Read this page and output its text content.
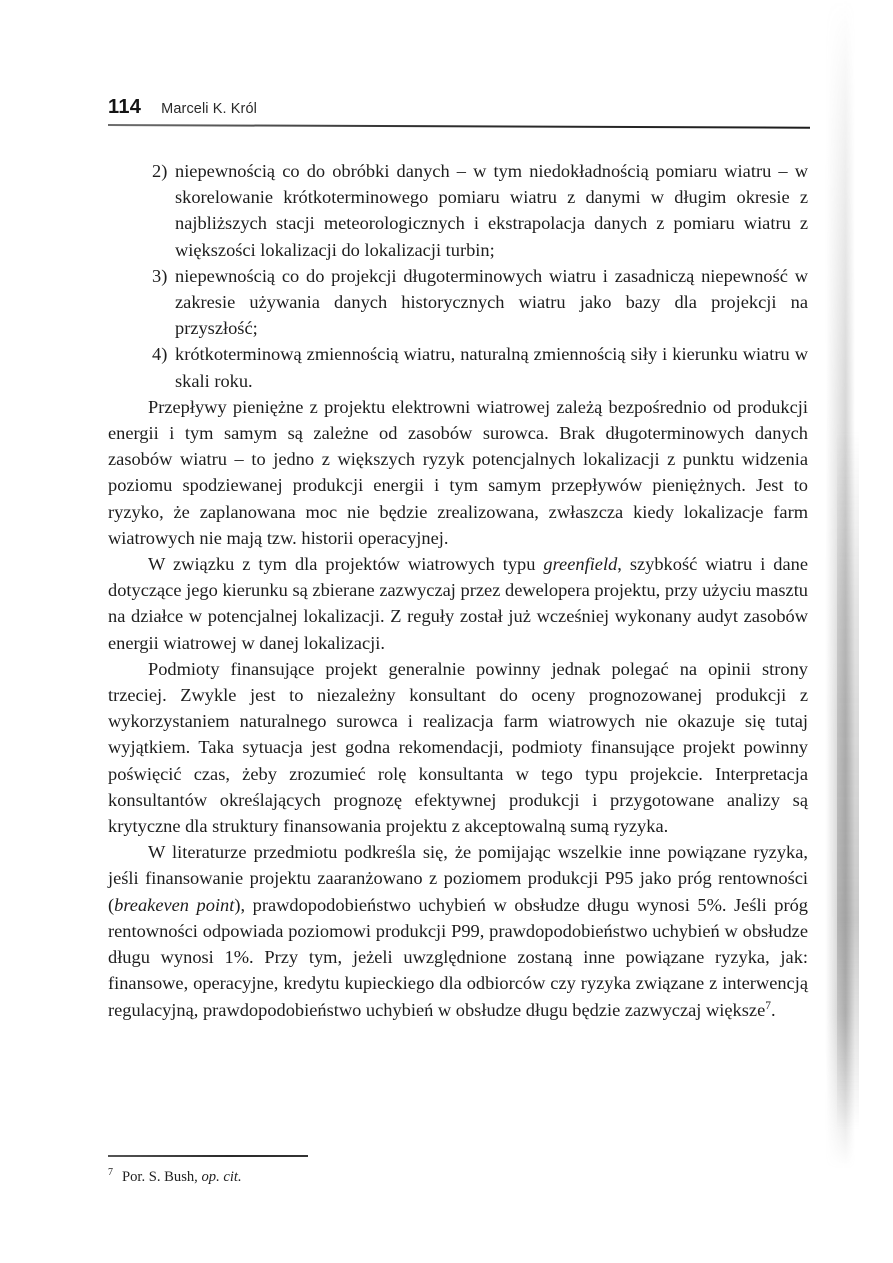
114 Marceli K. Król
2) niepewnością co do obróbki danych – w tym niedokładnością pomiaru wiatru – w skorelowanie krótkoterminowego pomiaru wiatru z danymi w długim okresie z najbliższych stacji meteorologicznych i ekstrapolacja danych z pomiaru wiatru z większości lokalizacji do lokalizacji turbin;
3) niepewnością co do projekcji długoterminowych wiatru i zasadniczą niepewność w zakresie używania danych historycznych wiatru jako bazy dla projekcji na przyszłość;
4) krótkoterminową zmiennością wiatru, naturalną zmiennością siły i kierunku wiatru w skali roku.

Przepływy pieniężne z projektu elektrowni wiatrowej zależą bezpośrednio od produkcji energii i tym samym są zależne od zasobów surowca. Brak długoterminowych danych zasobów wiatru – to jedno z większych ryzyk potencjalnych lokalizacji z punktu widzenia poziomu spodziewanej produkcji energii i tym samym przepływów pieniężnych. Jest to ryzyko, że zaplanowana moc nie będzie zrealizowana, zwłaszcza kiedy lokalizacje farm wiatrowych nie mają tzw. historii operacyjnej.

W związku z tym dla projektów wiatrowych typu greenfield, szybkość wiatru i dane dotyczące jego kierunku są zbierane zazwyczaj przez dewelopera projektu, przy użyciu masztu na działce w potencjalnej lokalizacji. Z reguły został już wcześniej wykonany audyt zasobów energii wiatrowej w danej lokalizacji.

Podmioty finansujące projekt generalnie powinny jednak polegać na opinii strony trzeciej. Zwykle jest to niezależny konsultant do oceny prognozowanej produkcji z wykorzystaniem naturalnego surowca i realizacja farm wiatrowych nie okazuje się tutaj wyjątkiem. Taka sytuacja jest godna rekomendacji, podmioty finansujące projekt powinny poświęcić czas, żeby zrozumieć rolę konsultanta w tego typu projekcie. Interpretacja konsultantów określających prognozę efektywnej produkcji i przygotowane analizy są krytyczne dla struktury finansowania projektu z akceptowalną sumą ryzyka.

W literaturze przedmiotu podkreśla się, że pomijając wszelkie inne powiązane ryzyka, jeśli finansowanie projektu zaaranżowano z poziomem produkcji P95 jako próg rentowności (breakeven point), prawdopodobieństwo uchybień w obsłudze długu wynosi 5%. Jeśli próg rentowności odpowiada poziomowi produkcji P99, prawdopodobieństwo uchybień w obsłudze długu wynosi 1%. Przy tym, jeżeli uwzględnione zostaną inne powiązane ryzyka, jak: finansowe, operacyjne, kredytu kupieckiego dla odbiorców czy ryzyka związane z interwencją regulacyjną, prawdopodobieństwo uchybień w obsłudze długu będzie zazwyczaj większe$^7$.

$^7$ Por. S. Bush, op. cit.
